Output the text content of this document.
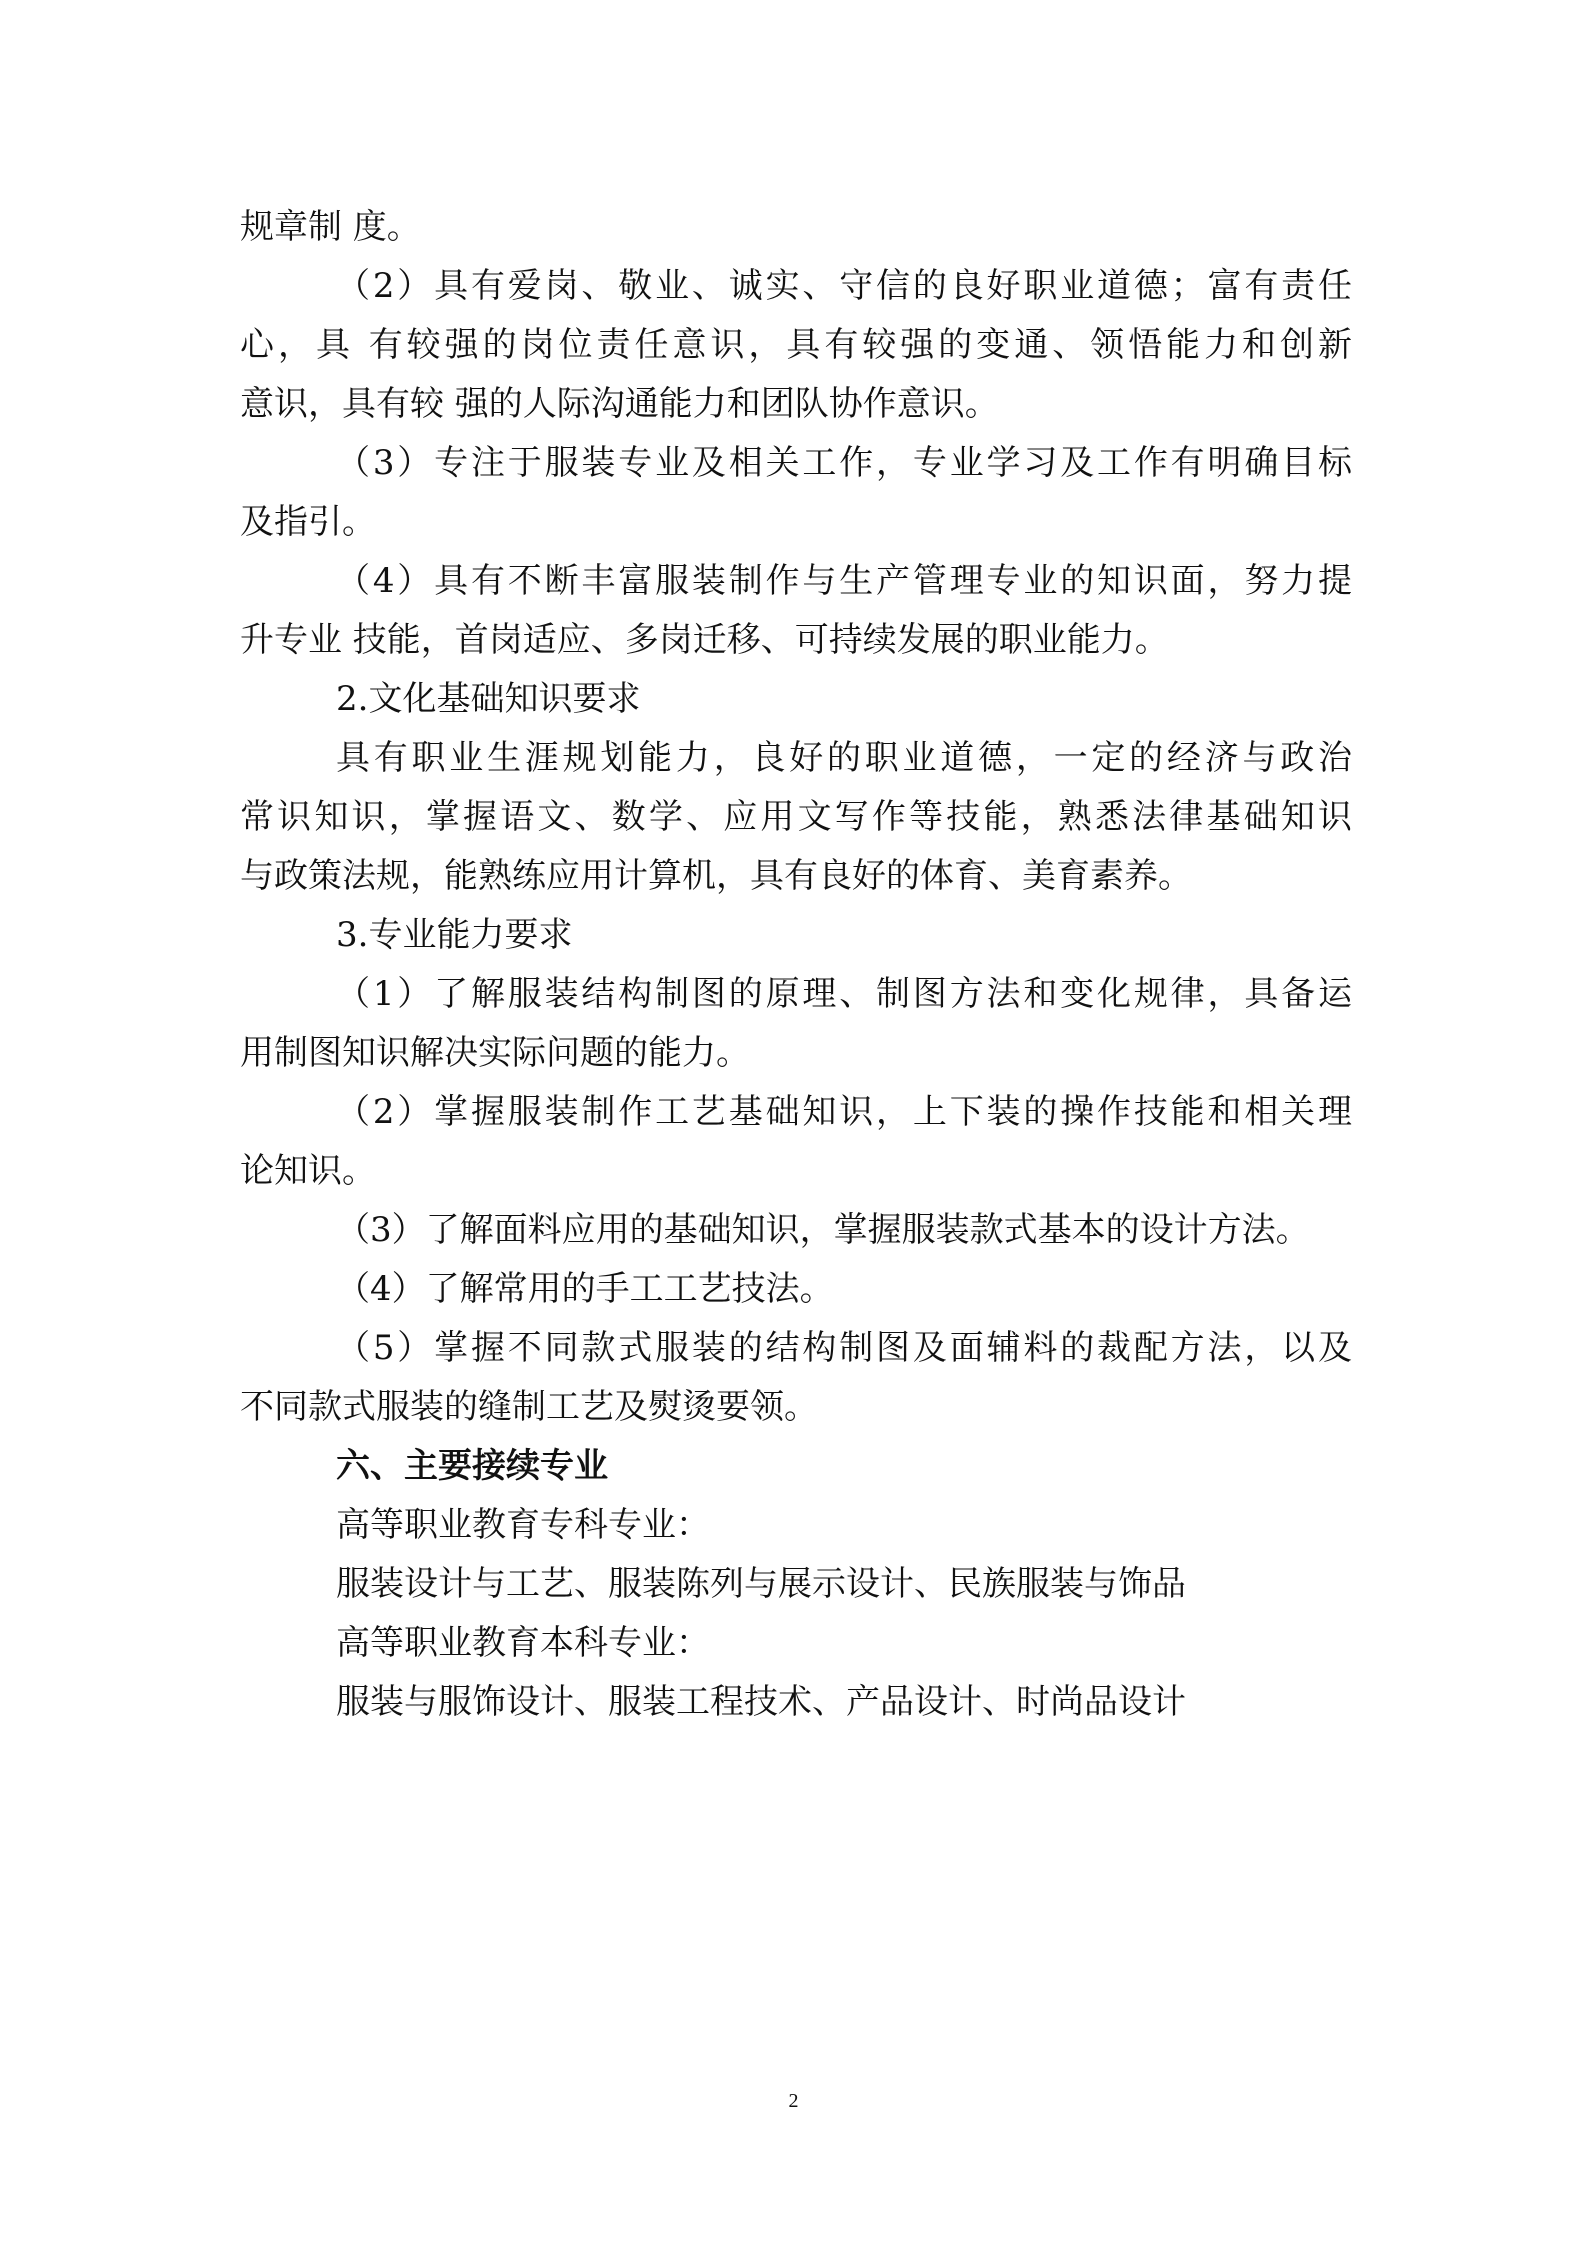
规章制 度。
（2）具有爱岗、敬业、诚实、守信的良好职业道德；富有责任
心，具 有较强的岗位责任意识，具有较强的变通、领悟能力和创新
意识，具有较 强的人际沟通能力和团队协作意识。
（3）专注于服装专业及相关工作，专业学习及工作有明确目标
及指引。
（4）具有不断丰富服装制作与生产管理专业的知识面，努力提
升专业 技能，首岗适应、多岗迁移、可持续发展的职业能力。
2.文化基础知识要求
具有职业生涯规划能力，良好的职业道德，一定的经济与政治
常识知识，掌握语文、数学、应用文写作等技能，熟悉法律基础知识
与政策法规，能熟练应用计算机，具有良好的体育、美育素养。
3.专业能力要求
（1）了解服装结构制图的原理、制图方法和变化规律，具备运
用制图知识解决实际问题的能力。
（2）掌握服装制作工艺基础知识，上下装的操作技能和相关理
论知识。
（3）了解面料应用的基础知识，掌握服装款式基本的设计方法。
（4）了解常用的手工工艺技法。
（5）掌握不同款式服装的结构制图及面辅料的裁配方法，以及
不同款式服装的缝制工艺及熨烫要领。
六、主要接续专业
高等职业教育专科专业：
服装设计与工艺、服装陈列与展示设计、民族服装与饰品
高等职业教育本科专业：
服装与服饰设计、服装工程技术、产品设计、时尚品设计
2
